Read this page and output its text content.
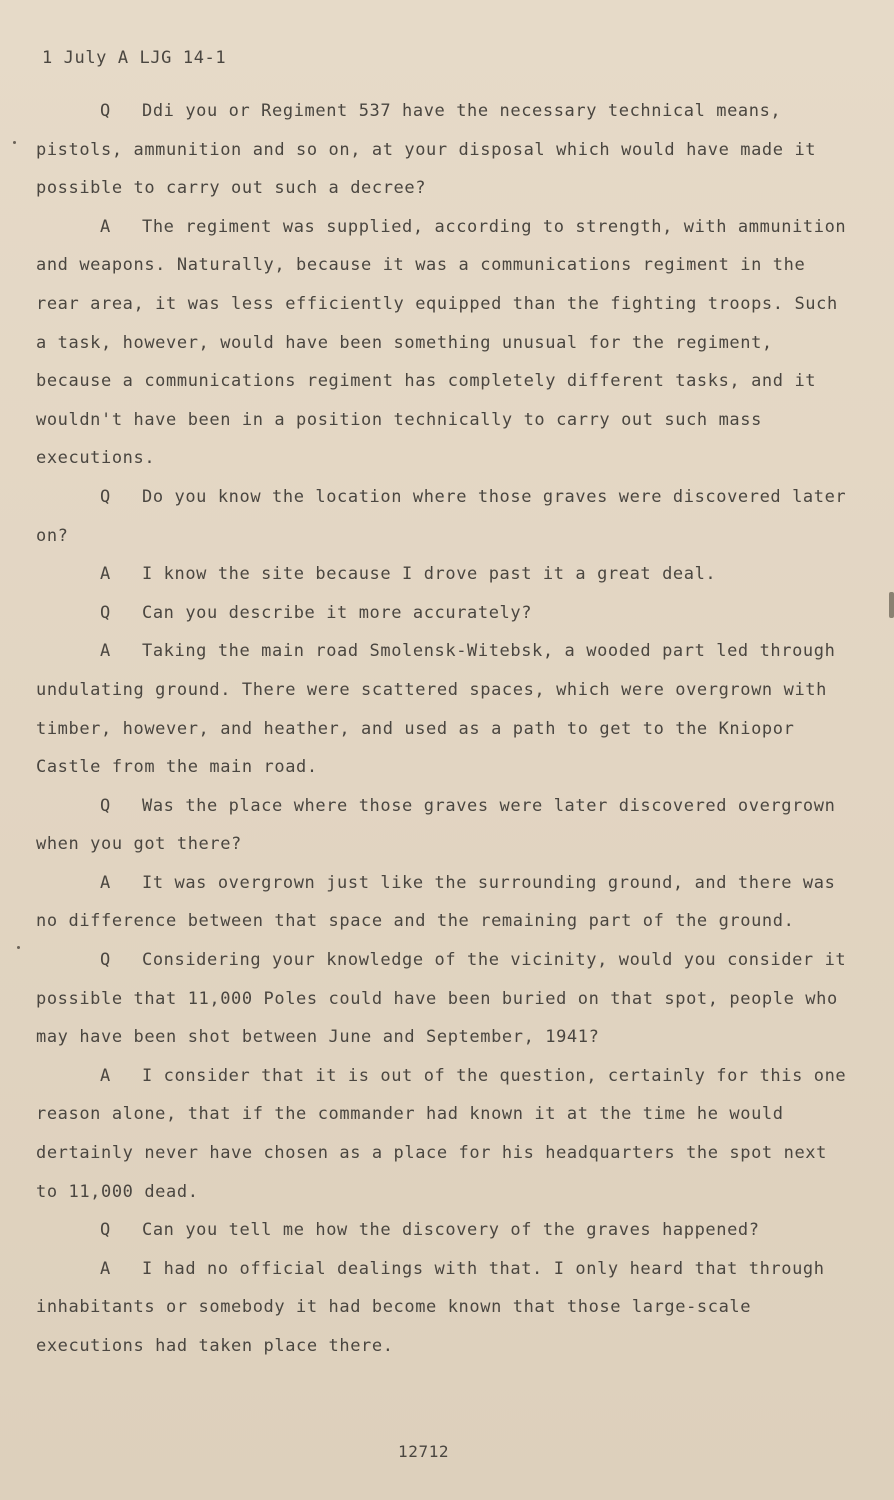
1 July A LJG 14-1

Q Ddi you or Regiment 537 have the necessary technical means, pistols, ammunition and so on, at your disposal which would have made it possible to carry out such a decree?

A The regiment was supplied, according to strength, with ammunition and weapons. Naturally, because it was a communications regiment in the rear area, it was less efficiently equipped than the fighting troops. Such a task, however, would have been something unusual for the regiment, because a communications regiment has completely different tasks, and it wouldn't have been in a position technically to carry out such mass executions.

Q Do you know the location where those graves were discovered later on?

A I know the site because I drove past it a great deal.

Q Can you describe it more accurately?

A Taking the main road Smolensk-Witebsk, a wooded part led through undulating ground. There were scattered spaces, which were overgrown with timber, however, and heather, and used as a path to get to the Kniopor Castle from the main road.

Q Was the place where those graves were later discovered overgrown when you got there?

A It was overgrown just like the surrounding ground, and there was no difference between that space and the remaining part of the ground.

Q Considering your knowledge of the vicinity, would you consider it possible that 11,000 Poles could have been buried on that spot, people who may have been shot between June and September, 1941?

A I consider that it is out of the question, certainly for this one reason alone, that if the commander had known it at the time he would dertainly never have chosen as a place for his headquarters the spot next to 11,000 dead.

Q Can you tell me how the discovery of the graves happened?

A I had no official dealings with that. I only heard that through inhabitants or somebody it had become known that those large-scale executions had taken place there.

12712
